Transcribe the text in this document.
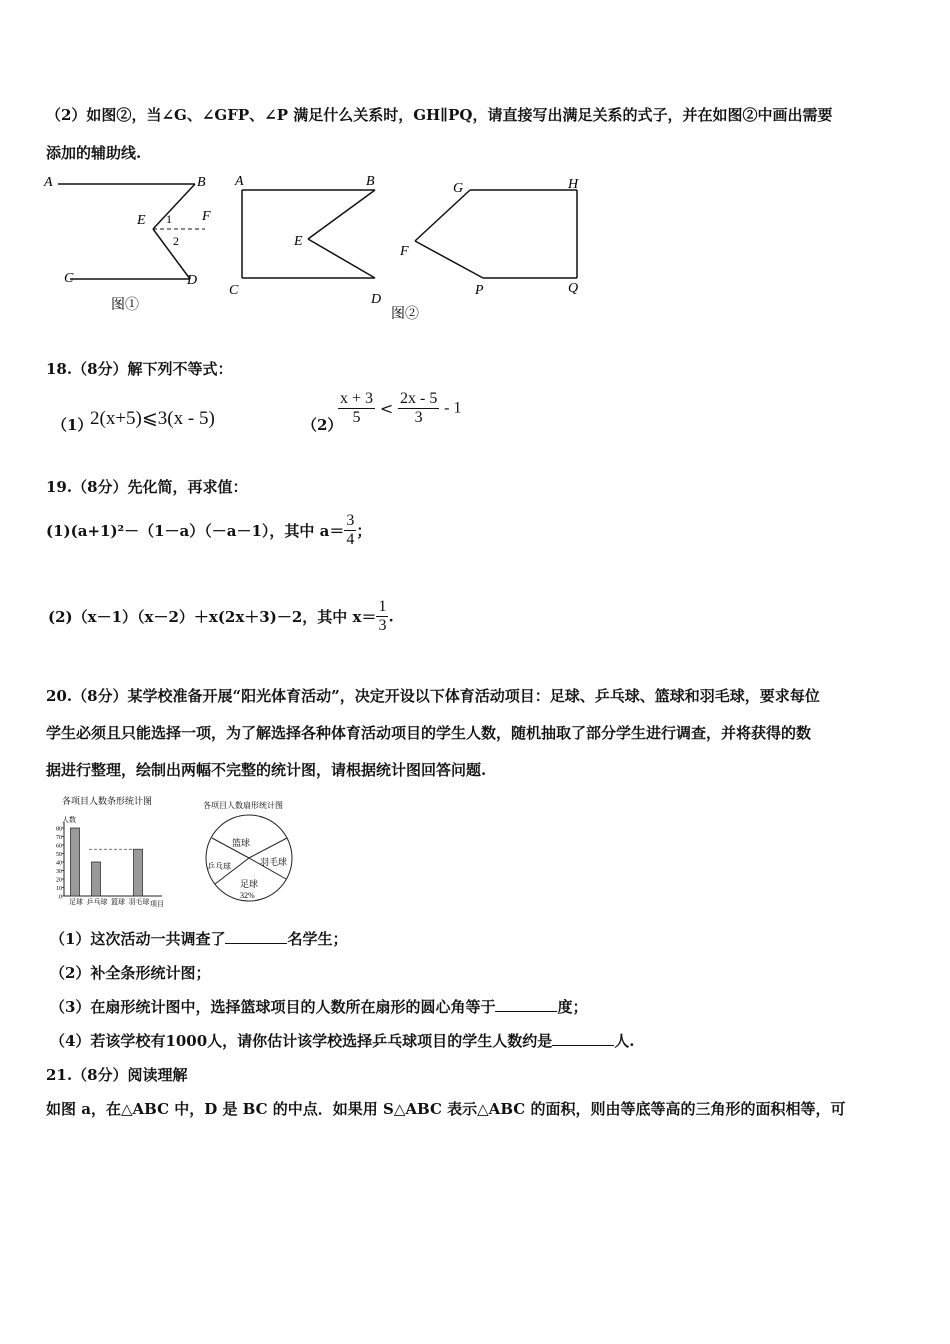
（2）如图②，当∠G、∠GFP、∠P 满足什么关系时，GH∥PQ，请直接写出满足关系的式子，并在如图②中画出需要
添加的辅助线.
A	B
E	F
C	D
1
2
图①
A	B
E
C
D
G	H
F
P	Q
图②
18.（8分）解下列不等式：
（1）
2(x+5)⩽3(x - 5)	（2）
$\frac{x + 3}{5} < \frac{2x - 5}{3} - 1$
19.（8分）先化简，再求值：
(1)(a+1)²－（1－a）（－a－1），其中 $a= \frac{3}{4}$ ；
(2)（x－1）（x－2）＋x(2x＋3)－2，其中 $x= \frac{1}{3}$ .
20.（8分）某学校准备开展“阳光体育活动”，决定开设以下体育活动项目：足球、乒乓球、篮球和羽毛球，要求每位
学生必须且只能选择一项，为了解选择各种体育活动项目的学生人数，随机抽取了部分学生进行调查，并将获得的数
据进行整理，绘制出两幅不完整的统计图，请根据统计图回答问题.
各项目人数条形统计图
人数
项目
0
10
20
30
40
50
60
70
80
足球 乒乓球 篮球 羽毛球
各项目人数扇形统计图
篮球
羽毛球
乒乓球
足球
32%
（1）这次活动一共调查了	名学生；
（2）补全条形统计图；
（3）在扇形统计图中，选择篮球项目的人数所在扇形的圆心角等于	度；
（4）若该学校有1000人，请你估计该学校选择乒乓球项目的学生人数约是	人.
21.（8分）阅读理解
如图 a，在△ABC 中，D 是 BC 的中点．如果用 S△ABC 表示△ABC 的面积，则由等底等高的三角形的面积相等，可
